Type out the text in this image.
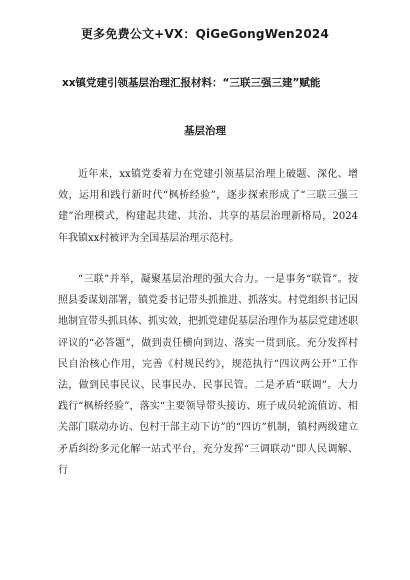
更多免费公文+VX：QiGeGongWen2024
xx镇党建引领基层治理汇报材料：“三联三强三建”赋能
基层治理

近年来，xx镇党委着力在党建引领基层治理上破题、深化、增效，运用和践行新时代“枫桥经验”，逐步探索形成了“三联三强三建”治理模式，构建起共建、共治、共享的基层治理新格局，2024年我镇xx村被评为全国基层治理示范村。

“三联”并举，凝聚基层治理的强大合力。一是事务“联管”。按照县委谋划部署，镇党委书记带头抓推进、抓落实。村党组织书记因地制宜带头抓具体、抓实效，把抓党建促基层治理作为基层党建述职评议的“必答题”，做到责任横向到边、落实一贯到底。充分发挥村民自治核心作用，完善《村规民约》，规范执行“四议两公开”工作法，做到民事民议、民事民办、民事民管。二是矛盾“联调”。大力践行“枫桥经验”，落实“主要领导带头接访、班子成员轮流值访、相关部门联动办访、包村干部主动下访”的“四访”机制，镇村两级建立矛盾纠纷多元化解一站式平台，充分发挥“三调联动”即人民调解、行
